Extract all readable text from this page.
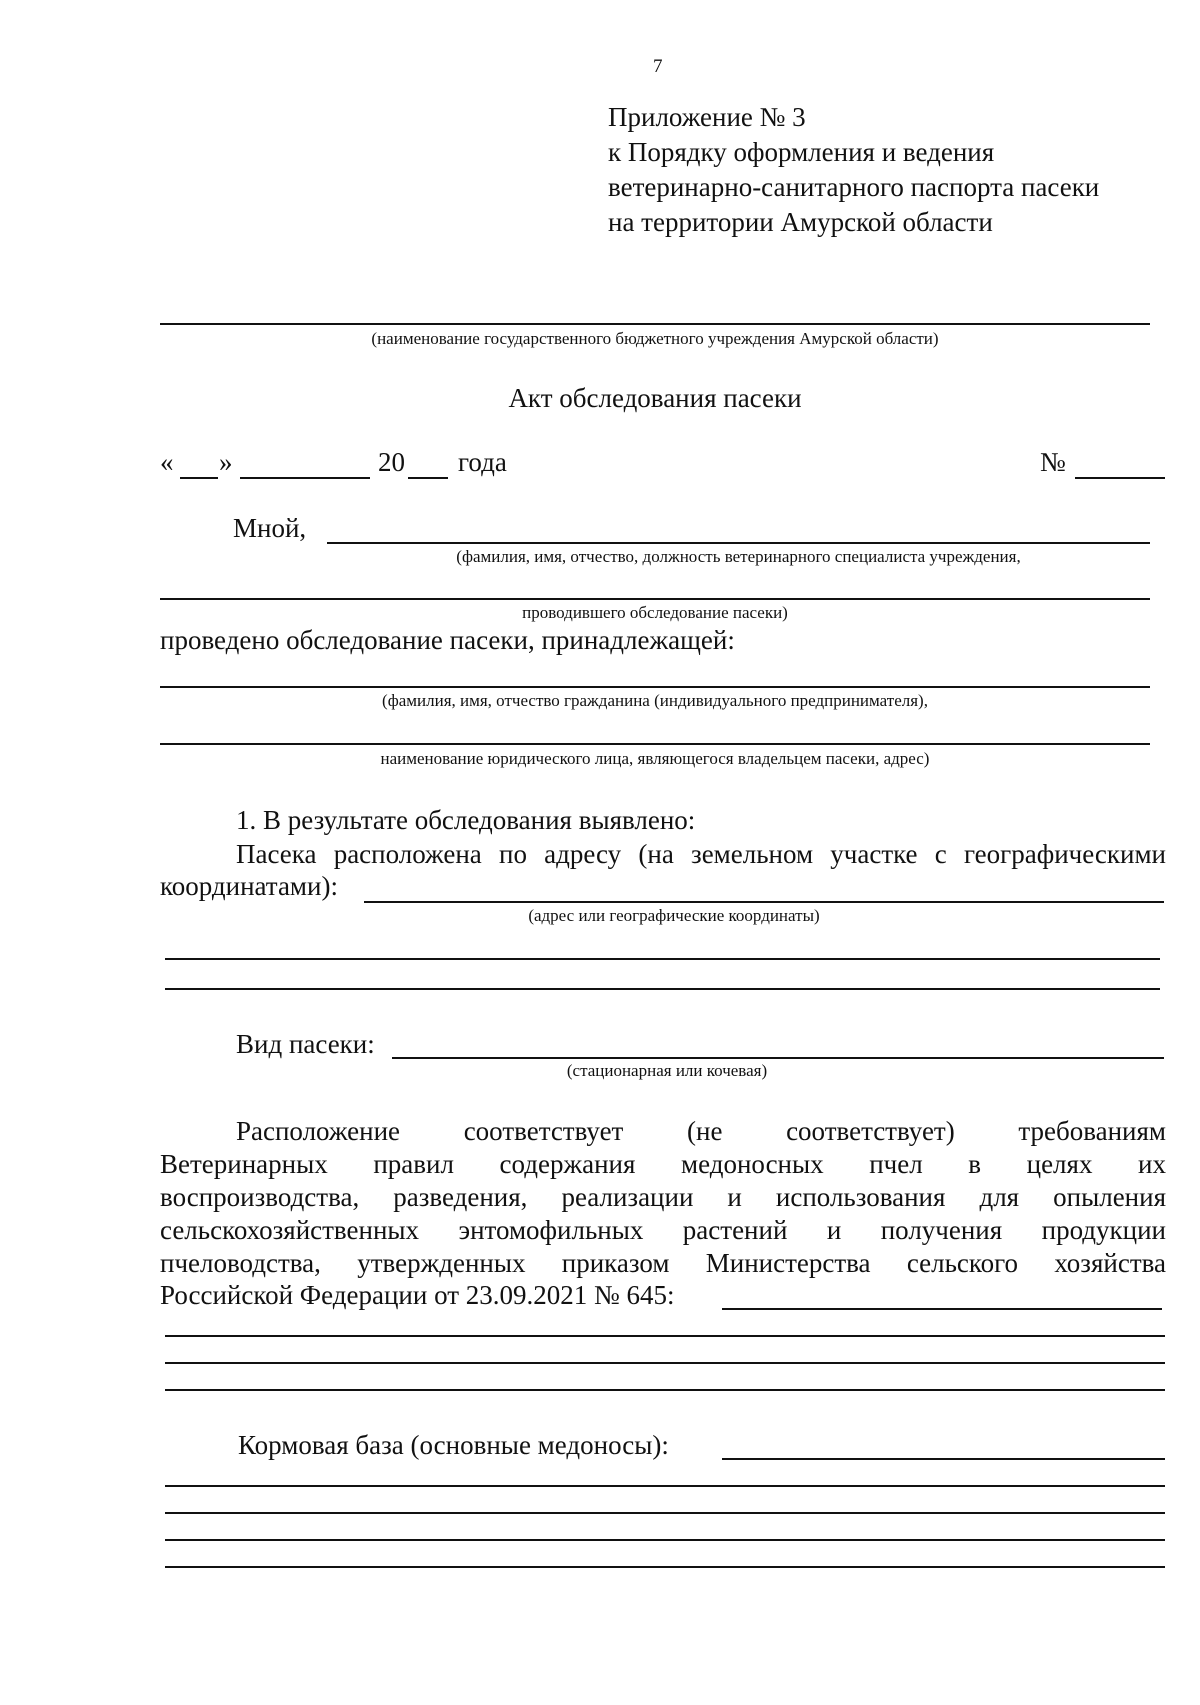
7
Приложение № 3
к Порядку оформления и ведения
ветеринарно-санитарного паспорта пасеки
на территории Амурской области
(наименование государственного бюджетного учреждения Амурской области)
Акт обследования пасеки
« »	20 года	№
Мной,
(фамилия, имя, отчество, должность ветеринарного специалиста учреждения,
проводившего обследование пасеки)
проведено обследование пасеки, принадлежащей:
(фамилия, имя, отчество гражданина (индивидуального предпринимателя),
наименование юридического лица, являющегося владельцем пасеки, адрес)
1. В результате обследования выявлено:
Пасека расположена по адресу (на земельном участке с географическими
координатами):
(адрес или географические координаты)
Вид пасеки:
(стационарная или кочевая)
Расположение соответствует (не соответствует) требованиям
Ветеринарных правил содержания медоносных пчел в целях их
воспроизводства, разведения, реализации и использования для опыления
сельскохозяйственных энтомофильных растений и получения продукции
пчеловодства, утвержденных приказом Министерства сельского хозяйства
Российской Федерации от 23.09.2021 № 645:
Кормовая база (основные медоносы):
